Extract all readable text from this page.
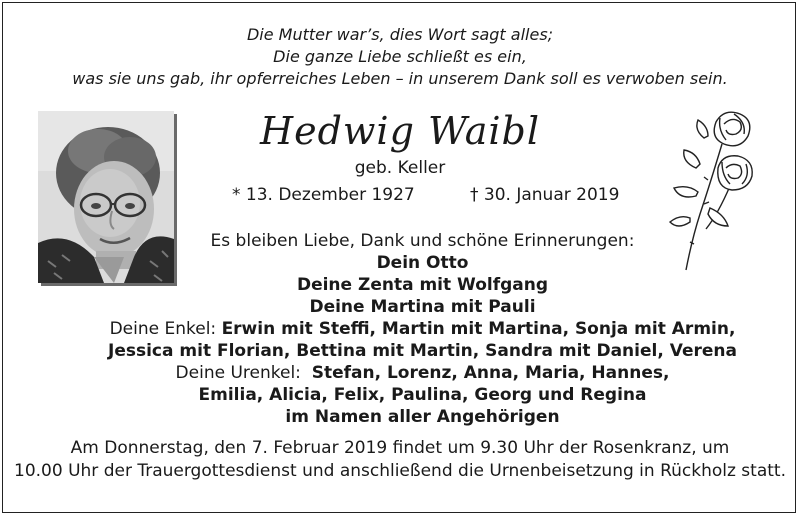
Die Mutter war’s, dies Wort sagt alles;
Die ganze Liebe schließt es ein,
was sie uns gab, ihr opferreiches Leben – in unserem Dank soll es verwoben sein.
Hedwig Waibl
geb. Keller
* 13. Dezember 1927	† 30. Januar 2019
Es bleiben Liebe, Dank und schöne Erinnerungen:
Dein Otto
Deine Zenta mit Wolfgang
Deine Martina mit Pauli
Deine Enkel: Erwin mit Steffi, Martin mit Martina, Sonja mit Armin,
Jessica mit Florian, Bettina mit Martin, Sandra mit Daniel, Verena
Deine Urenkel: Stefan, Lorenz, Anna, Maria, Hannes,
Emilia, Alicia, Felix, Paulina, Georg und Regina
im Namen aller Angehörigen
Am Donnerstag, den 7. Februar 2019 findet um 9.30 Uhr der Rosenkranz, um
10.00 Uhr der Trauergottesdienst und anschließend die Urnenbeisetzung in Rückholz statt.
